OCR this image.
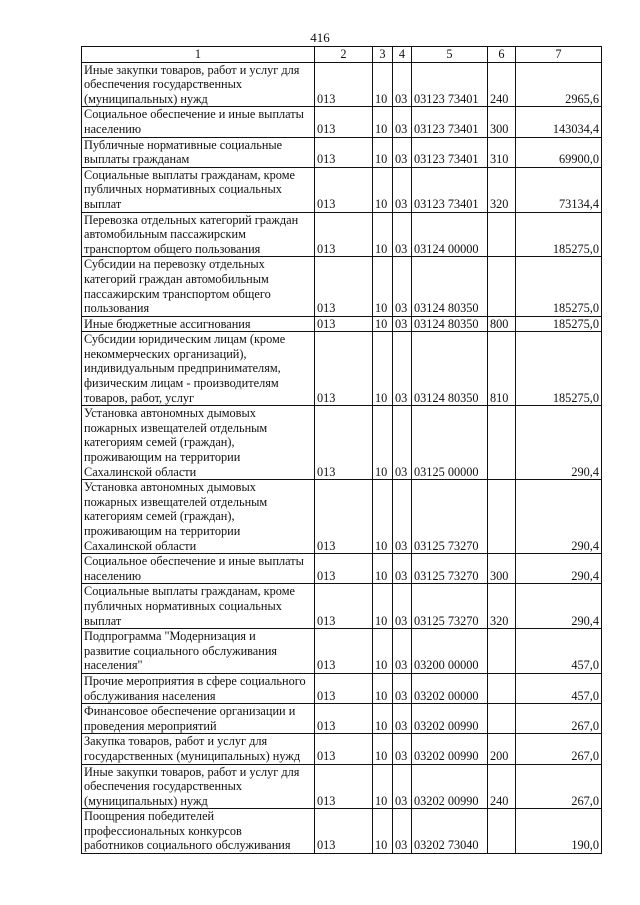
416
1	2	3	4	5	6	7

Иные закупки товаров, работ и услуг для
обеспечения государственных
(муниципальных) нужд	013	10	03	03123 73401	240	2965,6

Социальное обеспечение и иные выплаты
населению	013	10	03	03123 73401	300	143034,4

Публичные нормативные социальные
выплаты гражданам	013	10	03	03123 73401	310	69900,0

Социальные выплаты гражданам, кроме
публичных нормативных социальных
выплат	013	10	03	03123 73401	320	73134,4

Перевозка отдельных категорий граждан
автомобильным пассажирским
транспортом общего пользования	013	10	03	03124 00000		185275,0

Субсидии на перевозку отдельных
категорий граждан автомобильным
пассажирским транспортом общего
пользования	013	10	03	03124 80350		185275,0

Иные бюджетные ассигнования	013	10	03	03124 80350	800	185275,0

Субсидии юридическим лицам (кроме
некоммерческих организаций),
индивидуальным предпринимателям,
физическим лицам - производителям
товаров, работ, услуг	013	10	03	03124 80350	810	185275,0

Установка автономных дымовых
пожарных извещателей отдельным
категориям семей (граждан),
проживающим на территории
Сахалинской области	013	10	03	03125 00000		290,4

Установка автономных дымовых
пожарных извещателей отдельным
категориям семей (граждан),
проживающим на территории
Сахалинской области	013	10	03	03125 73270		290,4

Социальное обеспечение и иные выплаты
населению	013	10	03	03125 73270	300	290,4

Социальные выплаты гражданам, кроме
публичных нормативных социальных
выплат	013	10	03	03125 73270	320	290,4

Подпрограмма "Модернизация и
развитие социального обслуживания
населения"	013	10	03	03200 00000		457,0

Прочие мероприятия в сфере социального
обслуживания населения	013	10	03	03202 00000		457,0

Финансовое обеспечение организации и
проведения мероприятий	013	10	03	03202 00990		267,0

Закупка товаров, работ и услуг для
государственных (муниципальных) нужд	013	10	03	03202 00990	200	267,0

Иные закупки товаров, работ и услуг для
обеспечения государственных
(муниципальных) нужд	013	10	03	03202 00990	240	267,0

Поощрения победителей
профессиональных конкурсов
работников социального обслуживания	013	10	03	03202 73040		190,0
